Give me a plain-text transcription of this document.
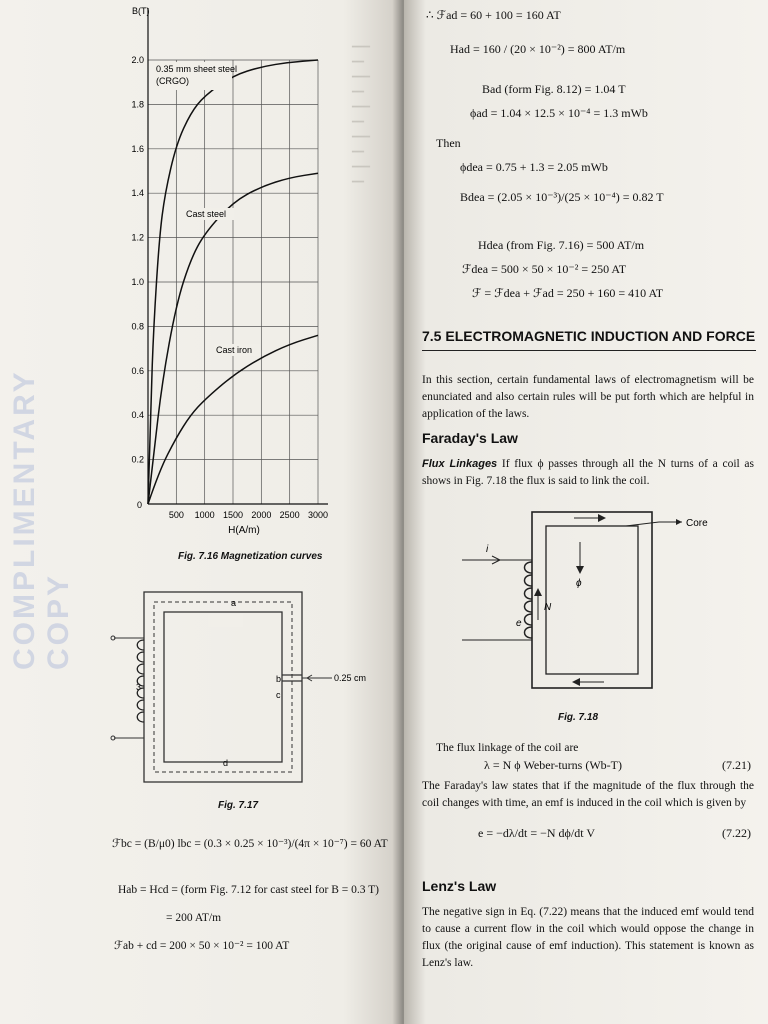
COMPLIMENTARY COPY
━━━
━━
━━━
━━
━━━
━━
━━━
━━
━━━
━━
500 1000 1500 2000 2500 3000
0
0.2
0.4
0.6
0.8
1.0
1.2
1.4
1.6
1.8
2.0
B(T)
H(A/m)
0.35 mm sheet steel
(CRGO)
Cast steel
Cast iron
Fig. 7.16 Magnetization curves
0.25 cm
a
b
c
d
3
Fig. 7.17
ℱbc = (B/μ0) lbc = (0.3 × 0.25 × 10⁻³)/(4π × 10⁻⁷) = 60 AT
Hab = Hcd = (form Fig. 7.12 for cast steel for B = 0.3 T)
= 200 AT/m
ℱab + cd = 200 × 50 × 10⁻² = 100 AT
∴ ℱad = 60 + 100 = 160 AT
Had = 160 / (20 × 10⁻²) = 800 AT/m
Bad (form Fig. 8.12) = 1.04 T
ϕad = 1.04 × 12.5 × 10⁻⁴ = 1.3 mWb
Then
ϕdea = 0.75 + 1.3 = 2.05 mWb
Bdea = (2.05 × 10⁻³)/(25 × 10⁻⁴) = 0.82 T
Hdea (from Fig. 7.16) = 500 AT/m
ℱdea = 500 × 50 × 10⁻² = 250 AT
ℱ = ℱdea + ℱad = 250 + 160 = 410 AT
7.5 ELECTROMAGNETIC INDUCTION AND FORCE
In this section, certain fundamental laws of electromagnetism will be enunciated and also certain rules will be put forth which are helpful in application of the laws.
Faraday's Law
Flux Linkages If flux ϕ passes through all the N turns of a coil as shows in Fig. 7.18 the flux is said to link the coil.
Core
i
e
N
ϕ
Fig. 7.18
The flux linkage of the coil are
λ = N ϕ Weber-turns (Wb-T)	(7.21)
The Faraday's law states that if the magnitude of the flux through the coil changes with time, an emf is induced in the coil which is given by
e = −dλ/dt = −N dϕ/dt V	(7.22)
Lenz's Law
The negative sign in Eq. (7.22) means that the induced emf would tend to cause a current flow in the coil which would oppose the change in flux (the original cause of emf induction). This statement is known as Lenz's law.
